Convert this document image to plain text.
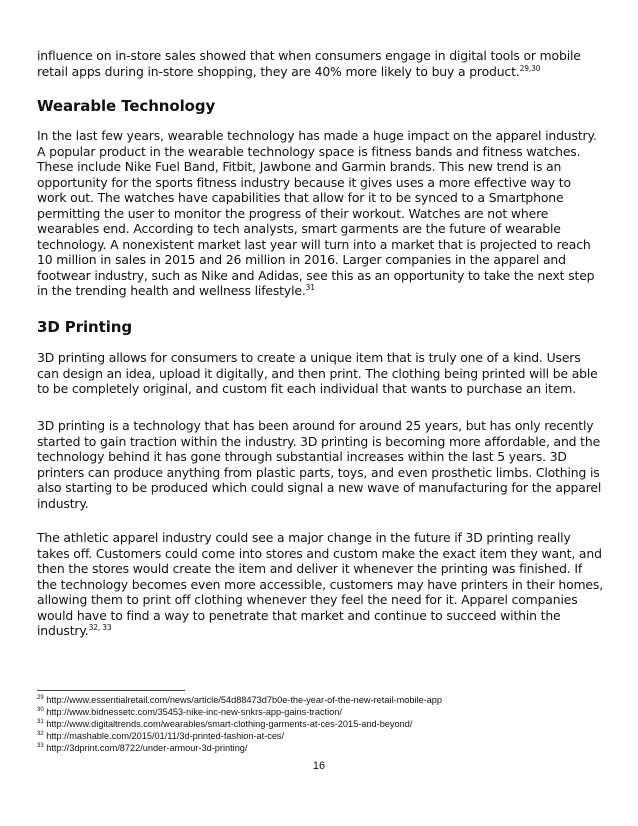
influence on in-store sales showed that when consumers engage in digital tools or mobile retail apps during in-store shopping, they are 40% more likely to buy a product.$^{29,30}$

Wearable Technology

In the last few years, wearable technology has made a huge impact on the apparel industry. A popular product in the wearable technology space is fitness bands and fitness watches. These include Nike Fuel Band, Fitbit, Jawbone and Garmin brands. This new trend is an opportunity for the sports fitness industry because it gives uses a more effective way to work out. The watches have capabilities that allow for it to be synced to a Smartphone permitting the user to monitor the progress of their workout. Watches are not where wearables end. According to tech analysts, smart garments are the future of wearable technology. A nonexistent market last year will turn into a market that is projected to reach 10 million in sales in 2015 and 26 million in 2016. Larger companies in the apparel and footwear industry, such as Nike and Adidas, see this as an opportunity to take the next step in the trending health and wellness lifestyle.$^{31}$

3D Printing

3D printing allows for consumers to create a unique item that is truly one of a kind. Users can design an idea, upload it digitally, and then print. The clothing being printed will be able to be completely original, and custom fit each individual that wants to purchase an item.

3D printing is a technology that has been around for around 25 years, but has only recently started to gain traction within the industry. 3D printing is becoming more affordable, and the technology behind it has gone through substantial increases within the last 5 years. 3D printers can produce anything from plastic parts, toys, and even prosthetic limbs. Clothing is also starting to be produced which could signal a new wave of manufacturing for the apparel industry.

The athletic apparel industry could see a major change in the future if 3D printing really takes off. Customers could come into stores and custom make the exact item they want, and then the stores would create the item and deliver it whenever the printing was finished. If the technology becomes even more accessible, customers may have printers in their homes, allowing them to print off clothing whenever they feel the need for it. Apparel companies would have to find a way to penetrate that market and continue to succeed within the industry.$^{32, 33}$

$^{29}$ http://www.essentialretail.com/news/article/54d88473d7b0e-the-year-of-the-new-retail-mobile-app

$^{30}$ http://www.bidnessetc.com/35453-nike-inc-new-snkrs-app-gains-traction/

$^{31}$ http://www.digitaltrends.com/wearables/smart-clothing-garments-at-ces-2015-and-beyond/

$^{32}$ http://mashable.com/2015/01/11/3d-printed-fashion-at-ces/

$^{33}$ http://3dprint.com/8722/under-armour-3d-printing/

16
